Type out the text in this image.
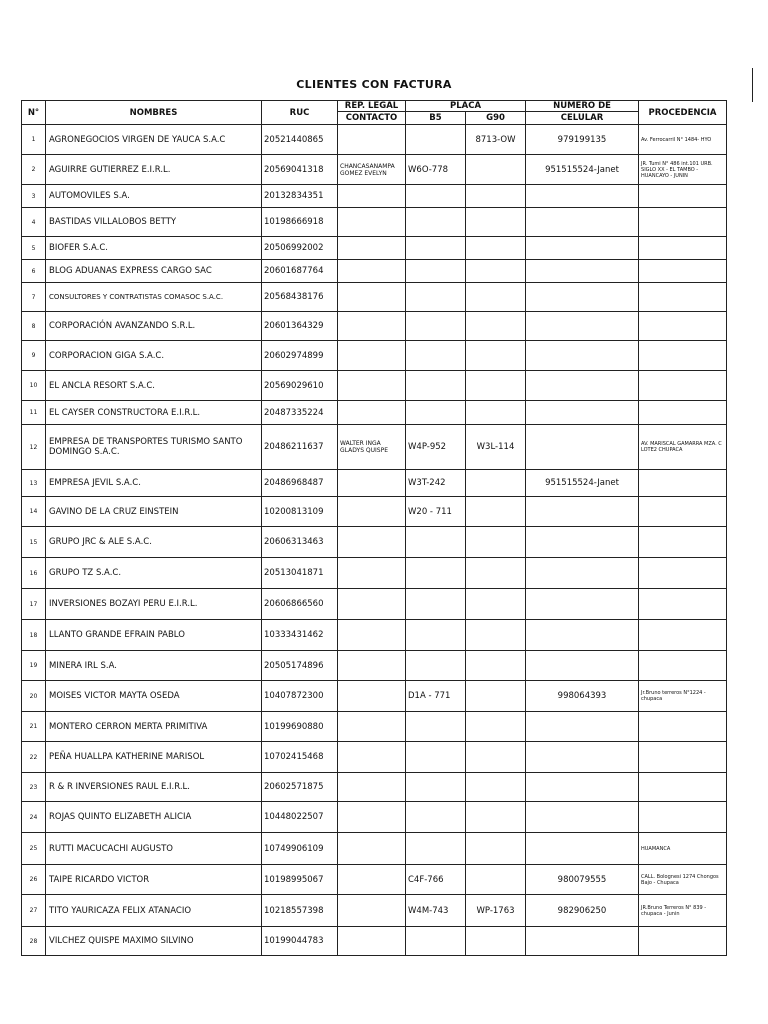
CLIENTES CON FACTURA
N°	NOMBRES	RUC	REP. LEGAL	PLACA		NUMERO DE	PROCEDENCIA
			CONTACTO	B5	G90	CELULAR	
1	AGRONEGOCIOS VIRGEN DE YAUCA S.A.C	20521440865			8713-OW	979199135	Av. Ferrocarril N° 1484- HYO
2	AGUIRRE GUTIERREZ E.I.R.L.	20569041318	CHANCASANAMPA GOMEZ EVELYN	W6O-778		951515524-Janet	JR. Tumi N° 486 int.101 URB. SIGLO XX - EL TAMBO - HUANCAYO - JUNIN
3	AUTOMOVILES S.A.	20132834351					
4	BASTIDAS VILLALOBOS BETTY	10198666918					
5	BIOFER S.A.C.	20506992002					
6	BLOG ADUANAS EXPRESS CARGO SAC	20601687764					
7	CONSULTORES Y CONTRATISTAS COMASOC S.A.C.	20568438176					
8	CORPORACIÓN AVANZANDO S.R.L.	20601364329					
9	CORPORACION GIGA S.A.C.	20602974899					
10	EL ANCLA RESORT S.A.C.	20569029610					
11	EL CAYSER CONSTRUCTORA E.I.R.L.	20487335224					
12	EMPRESA DE TRANSPORTES TURISMO SANTO DOMINGO S.A.C.	20486211637	WALTER INGA GLADYS QUISPE	W4P-952	W3L-114		AV. MARISCAL GAMARRA MZA. C LOTE2 CHUPACA
13	EMPRESA JEVIL S.A.C.	20486968487		W3T-242		951515524-Janet	
14	GAVINO DE LA CRUZ EINSTEIN	10200813109		W20 - 711			
15	GRUPO JRC & ALE S.A.C.	20606313463					
16	GRUPO TZ S.A.C.	20513041871					
17	INVERSIONES BOZAYI PERU E.I.R.L.	20606866560					
18	LLANTO GRANDE EFRAIN PABLO	10333431462					
19	MINERA IRL S.A.	20505174896					
20	MOISES VICTOR MAYTA OSEDA	10407872300		D1A - 771		998064393	Jr.Bruno terreros N°1224 - chupaca
21	MONTERO CERRON MERTA PRIMITIVA	10199690880					
22	PEÑA HUALLPA KATHERINE MARISOL	10702415468					
23	R & R INVERSIONES RAUL E.I.R.L.	20602571875					
24	ROJAS QUINTO ELIZABETH ALICIA	10448022507					
25	RUTTI MACUCACHI AUGUSTO	10749906109					HUAMANCA
26	TAIPE RICARDO VICTOR	10198995067		C4F-766		980079555	CALL. Bolognesi 1274 Chongos Bajo - Chupaca
27	TITO YAURICAZA FELIX ATANACIO	10218557398		W4M-743	WP-1763	982906250	JR.Bruno Terreros N° 839 - chupaca - Junin
28	VILCHEZ QUISPE MAXIMO SILVINO	10199044783					
